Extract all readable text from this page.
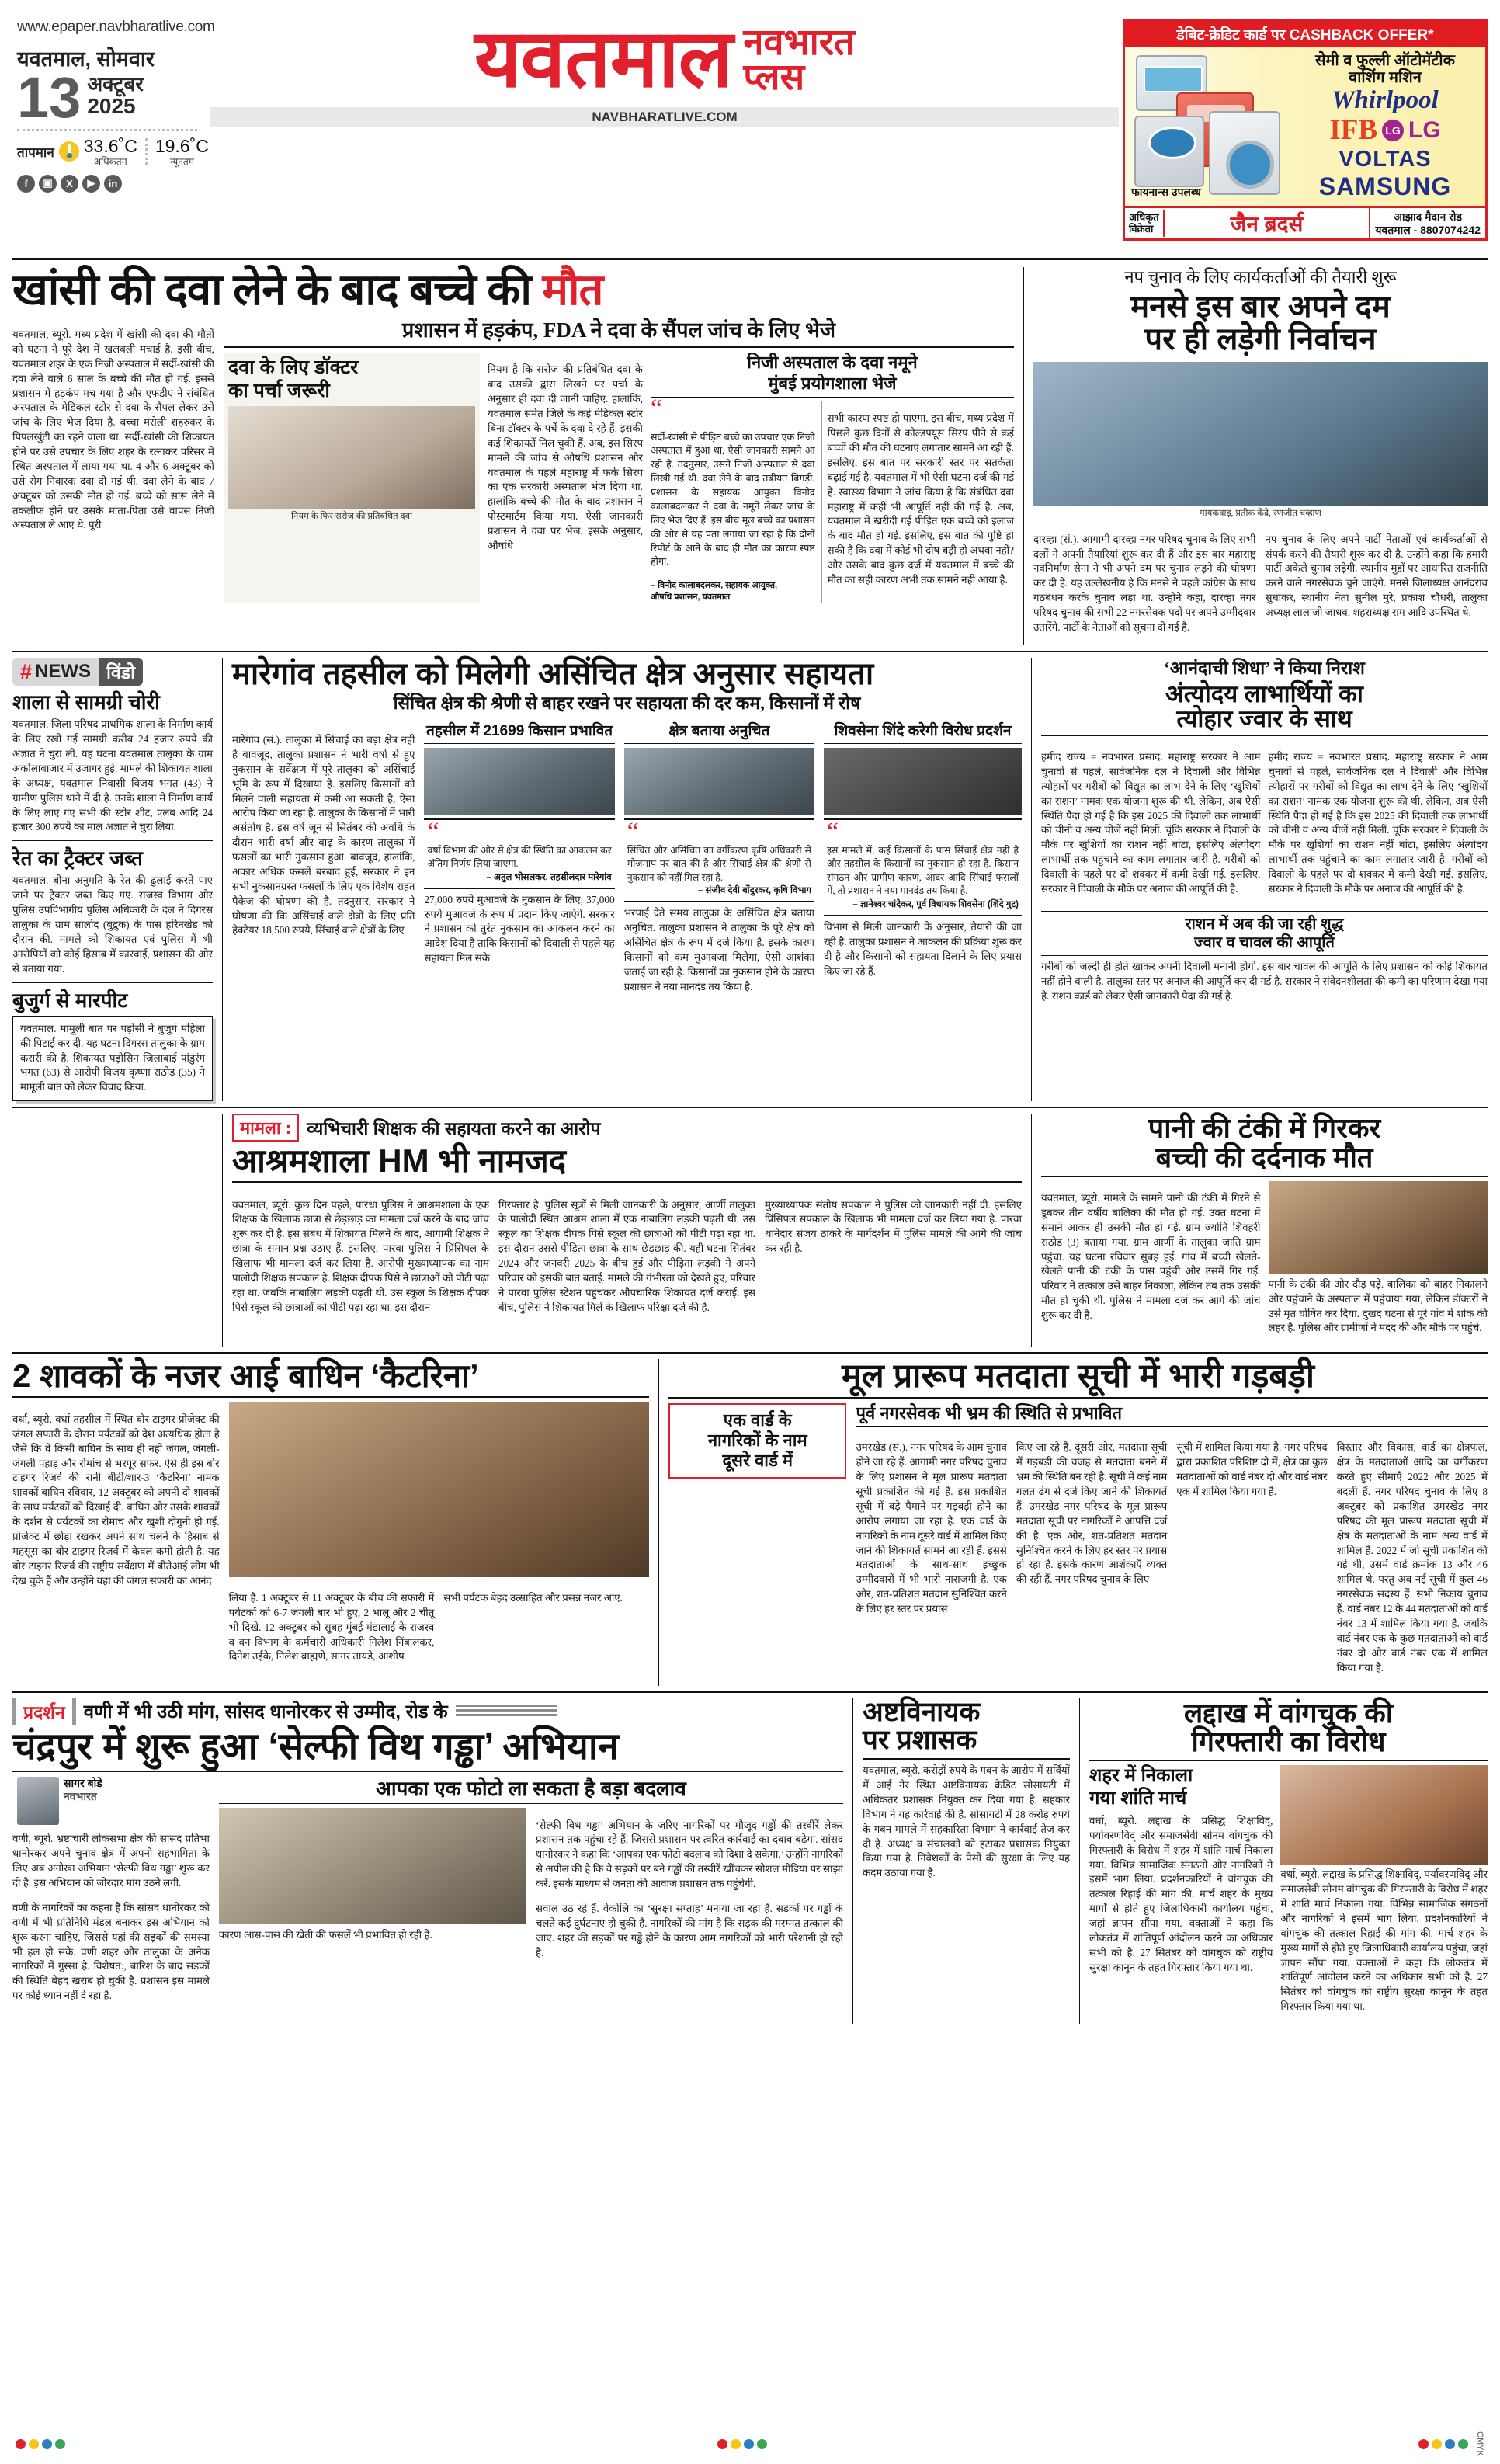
www.epaper.navbharatlive.com
यवतमाल, सोमवार
13 अक्टूबर
2025
तापमान 33.6˚C
अधिकतम
19.6˚C
न्यूनतम
f	▣	X	▶	in
यवतमाल नवभारत
प्लस
NAVBHARATLIVE.COM
डेबिट-क्रेडिट कार्ड पर CASHBACK OFFER*
फायनान्स उपलब्ध
सेमी व फुल्ली ऑटोमॅटीक
वाशिंग मशिन
Whirlpool
IFB LG LG
VOLTAS
SAMSUNG
अधिकृत
विक्रेता	जैन ब्रदर्स	आझाद मैदान रोड
यवतमाल - 8807074242
खांसी की दवा लेने के बाद बच्चे की मौत

यवतमाल, ब्यूरो. मध्य प्रदेश में खांसी की दवा की मौतों को घटना ने पूरे देश में खलबली मचाई है. इसी बीच, यवतमाल शहर के एक निजी अस्पताल में सर्दी-खांसी की दवा लेने वाले 6 साल के बच्चे की मौत हो गई. इससे प्रशासन में हड़कंप मच गया है और एफडीए ने संबंधित अस्पताल के मेडिकल स्टोर से दवा के सैंपल लेकर उसे जांच के लिए भेज दिया है. बच्चा मरोली शहरुकर के पिपलखुंटी का रहने वाला था. सर्दी-खांसी की शिकायत होने पर उसे उपचार के लिए शहर के रत्नाकर परिसर में स्थित अस्पताल में लाया गया था. 4 और 6 अक्टूबर को उसे रोग निवारक दवा दी गई थी. दवा लेने के बाद 7 अक्टूबर को उसकी मौत हो गई. बच्चे को सांस लेने में तकलीफ होने पर उसके माता-पिता उसे वापस निजी अस्पताल ले आए थे. पूरी

प्रशासन में हड़कंप, FDA ने दवा के सैंपल जांच के लिए भेजे
दवा के लिए डॉक्टर
का पर्चा जरूरी
नियम के फिर सरोज की प्रतिबंधित दवा

नियम है कि सरोज की प्रतिबंधित दवा के बाद उसकी द्वारा लिखने पर पर्चा के अनुसार ही दवा दी जानी चाहिए. हालांकि, यवतमाल समेत जिले के कई मेडिकल स्टोर बिना डॉक्टर के पर्चे के दवा दे रहे हैं. इसकी कई शिकायतें मिल चुकी हैं. अब, इस सिरप मामले की जांच से औषधि प्रशासन और यवतमाल के पहले महाराष्ट्र में फर्क सिरप का एक सरकारी अस्पताल भंज दिया था. हालांकि बच्चे की मौत के बाद प्रशासन ने पोस्टमार्टम किया गया. ऐसी जानकारी प्रशासन ने दवा पर भेज. इसके अनुसार, औषधि

निजी अस्पताल के दवा नमूने
मुंबई प्रयोगशाला भेजे
“

सर्दी-खांसी से पीड़ित बच्चे का उपचार एक निजी अस्पताल में हुआ था, ऐसी जानकारी सामने आ रही है. तदनुसार, उसने निजी अस्पताल से दवा लिखी गई थी. दवा लेने के बाद तबीयत बिगड़ी. प्रशासन के सहायक आयुक्त विनोद कालाबदलकर ने दवा के नमूने लेकर जांच के लिए भेज दिए हैं. इस बीच मूल बच्चे का प्रशासन की ओर से यह पता लगाया जा रहा है कि दोनों रिपोर्ट के आने के बाद ही मौत का कारण स्पष्ट होगा.

– विनोद कालाबदलकर, सहायक आयुक्त,
औषधि प्रशासन, यवतमाल

सभी कारण स्पष्ट हो पाएगा. इस बीच, मध्य प्रदेश में पिछले कुछ दिनों से कोल्डफ्यूस सिरप पीने से कई बच्चों की मौत की घटनाएं लगातार सामने आ रही हैं. इसलिए, इस बात पर सरकारी स्तर पर सतर्कता बढ़ाई गई है. यवतमाल में भी ऐसी घटना दर्ज की गई है. स्वास्थ्य विभाग ने जांच किया है कि संबंधित दवा महाराष्ट्र में कहीं भी आपूर्ति नहीं की गई है. अब, यवतमाल में खरीदी गई पीड़ित एक बच्चे को इलाज के बाद मौत हो गई. इसलिए, इस बात की पुष्टि हो सकी है कि दवा में कोई भी दोष बड़ी हो अथवा नहीं? और उसके बाद कुछ दर्ज में यवतमाल में बच्चे की मौत का सही कारण अभी तक सामने नहीं आया है.

नप चुनाव के लिए कार्यकर्ताओं की तैयारी शुरू
मनसे इस बार अपने दम
पर ही लड़ेगी निर्वाचन
गायकवाड़, प्रतीक केंद्रे, रणजीत चव्हाण

दारव्हा (सं.). आगामी दारव्हा नगर परिषद चुनाव के लिए सभी दलों ने अपनी तैयारियां शुरू कर दी हैं और इस बार महाराष्ट्र नवनिर्माण सेना ने भी अपने दम पर चुनाव लड़ने की घोषणा कर दी है. यह उल्लेखनीय है कि मनसे ने पहले कांग्रेस के साथ गठबंधन करके चुनाव लड़ा था. उन्होंने कहा, दारव्हा नगर परिषद चुनाव की सभी 22 नगरसेवक पदों पर अपने उम्मीदवार उतारेंगे. पार्टी के नेताओं को सूचना दी गई है.

नप चुनाव के लिए अपने पार्टी नेताओं एवं कार्यकर्ताओं से संपर्क करने की तैयारी शुरू कर दी है. उन्होंने कहा कि हमारी पार्टी अकेले चुनाव लड़ेगी. स्थानीय मुद्दों पर आधारित राजनीति करने वाले नगरसेवक चुने जाएंगे. मनसे जिलाध्यक्ष आनंदराव सुधाकर, स्थानीय नेता सुनील मुरे, प्रकाश चौधरी, तालुका अध्यक्ष लालाजी जाधव, शहराध्यक्ष राम आदि उपस्थित थे.

# NEWS विंडो
शाला से सामग्री चोरी

यवतमाल. जिला परिषद प्राथमिक शाला के निर्माण कार्य के लिए रखी गई सामग्री करीब 24 हजार रुपये की अज्ञात ने चुरा ली. यह घटना यवतमाल तालुका के ग्राम अकोलाबाजार में उजागर हुई. मामले की शिकायत शाला के अध्यक्ष, यवतमाल निवासी विजय भगत (43) ने ग्रामीण पुलिस थाने में दी है. उनके शाला में निर्माण कार्य के लिए लाए गए सभी की स्टोर शीट, एलंब आदि 24 हजार 300 रुपये का माल अज्ञात ने चुरा लिया.

रेत का ट्रैक्टर जब्त

यवतमाल. बीना अनुमति के रेत की ढुलाई करते पाए जाने पर ट्रैक्टर जब्त किए गए. राजस्व विभाग और पुलिस उपविभागीय पुलिस अधिकारी के दल ने दिगरस तालुका के ग्राम सालोद (बुद्रुक) के पास हरिनखेड को दौरान की. मामले को शिकायत एवं पुलिस में भी आरोपियों को कोई हिसाब में कारवाई, प्रशासन की ओर से बताया गया.

बुजुर्ग से मारपीट

यवतमाल. मामूली बात पर पड़ोसी ने बुजुर्ग महिला की पिटाई कर दी. यह घटना दिगरस तालुका के ग्राम करारी की है. शिकायत पड़ोसिन जिलाबाई पांडुरंग भगत (63) से आरोपी विजय कृष्णा राठोड (35) ने मामूली बात को लेकर विवाद किया.

मारेगांव तहसील को मिलेगी असिंचित क्षेत्र अनुसार सहायता
सिंचित क्षेत्र की श्रेणी से बाहर रखने पर सहायता की दर कम, किसानों में रोष

मारेगांव (सं.). तालुका में सिंचाई का बड़ा क्षेत्र नहीं है बावजूद, तालुका प्रशासन ने भारी वर्षा से हुए नुकसान के सर्वेक्षण में पूरे तालुका को असिंचाई भूमि के रूप में दिखाया है. इसलिए किसानों को मिलने वाली सहायता में कमी आ सकती है, ऐसा आरोप किया जा रहा है. तालुका के किसानों में भारी असंतोष है. इस वर्ष जून से सितंबर की अवधि के दौरान भारी वर्षा और बाढ़ के कारण तालुका में फसलों का भारी नुकसान हुआ. बावजूद, हालांकि, अकार अधिक फसलें बरबाद हुईं, सरकार ने इन सभी नुकसानग्रस्त फसलों के लिए एक विशेष राहत पैकेज की घोषणा की है. तदनुसार, सरकार ने घोषणा की कि असिंचाई वाले क्षेत्रों के लिए प्रति हेक्टेयर 18,500 रुपये, सिंचाई वाले क्षेत्रों के लिए

तहसील में 21699 किसान प्रभावित
“

वर्षा विभाग की ओर से क्षेत्र की स्थिति का आकलन कर अंतिम निर्णय लिया जाएगा.

– अतुल भोसलकर, तहसीलदार मारेगांव

27,000 रुपये मुआवजे के नुकसान के लिए, 37,000 रुपये मुआवजे के रूप में प्रदान किए जाएंगे. सरकार ने प्रशासन को तुरंत नुकसान का आकलन करने का आदेश दिया है ताकि किसानों को दिवाली से पहले यह सहायता मिल सके.

क्षेत्र बताया अनुचित
“

सिंचित और असिंचित का वर्गीकरण कृषि अधिकारी से मोजमाप पर बात की है और सिंचाई क्षेत्र की श्रेणी से नुकसान को नहीं मिल रहा है.

– संजीव देवी बोंदुरकर, कृषि विभाग

भरपाई देते समय तालुका के असिंचित क्षेत्र बताया अनुचित. तालुका प्रशासन ने तालुका के पूरे क्षेत्र को असिंचित क्षेत्र के रूप में दर्ज किया है. इसके कारण किसानों को कम मुआवजा मिलेगा, ऐसी आशंका जताई जा रही है. किसानों का नुकसान होने के कारण प्रशासन ने नया मानदंड तय किया है.

शिवसेना शिंदे करेगी विरोध प्रदर्शन
“

इस मामले में, कई किसानों के पास सिंचाई क्षेत्र नहीं है और तहसील के किसानों का नुकसान हो रहा है. किसान संगठन और ग्रामीण कारण, आदर आदि सिंचाई फसलों में, तो प्रशासन ने नया मानदंड तय किया है.

– ज्ञानेश्वर चांदेकर, पूर्व विधायक शिवसेना (शिंदे गुट)

विभाग से मिली जानकारी के अनुसार, तैयारी की जा रही है. तालुका प्रशासन ने आकलन की प्रक्रिया शुरू कर दी है और किसानों को सहायता दिलाने के लिए प्रयास किए जा रहे हैं.

‘आनंदाची शिधा’ ने किया निराश
अंत्योदय लाभार्थियों का
त्योहार ज्वार के साथ

हमीद राज्य = नवभारत प्रसाद. महाराष्ट्र सरकार ने आम चुनावों से पहले, सार्वजनिक दल ने दिवाली और विभिन्न त्योहारों पर गरीबों को विद्युत का लाभ देने के लिए ‘खुशियों का राशन’ नामक एक योजना शुरू की थी. लेकिन, अब ऐसी स्थिति पैदा हो गई है कि इस 2025 की दिवाली तक लाभार्थी को चीनी व अन्य चीजें नहीं मिलीं. चूंकि सरकार ने दिवाली के मौके पर खुशियों का राशन नहीं बांटा, इसलिए अंत्योदय लाभार्थी तक पहुंचाने का काम लगातार जारी है. गरीबों को दिवाली के पहले पर दो शक्कर में कमी देखी गई. इसलिए, सरकार ने दिवाली के मौके पर अनाज की आपूर्ति की है.

हमीद राज्य = नवभारत प्रसाद. महाराष्ट्र सरकार ने आम चुनावों से पहले, सार्वजनिक दल ने दिवाली और विभिन्न त्योहारों पर गरीबों को विद्युत का लाभ देने के लिए ‘खुशियों का राशन’ नामक एक योजना शुरू की थी. लेकिन, अब ऐसी स्थिति पैदा हो गई है कि इस 2025 की दिवाली तक लाभार्थी को चीनी व अन्य चीजें नहीं मिलीं. चूंकि सरकार ने दिवाली के मौके पर खुशियों का राशन नहीं बांटा, इसलिए अंत्योदय लाभार्थी तक पहुंचाने का काम लगातार जारी है. गरीबों को दिवाली के पहले पर दो शक्कर में कमी देखी गई. इसलिए, सरकार ने दिवाली के मौके पर अनाज की आपूर्ति की है.

राशन में अब की जा रही शुद्ध
ज्वार व चावल की आपूर्ति

गरीबों को जल्दी ही होते खाकर अपनी दिवाली मनानी होगी. इस बार चावल की आपूर्ति के लिए प्रशासन को कोई शिकायत नहीं होने वाली है. तालुका स्तर पर अनाज की आपूर्ति कर दी गई है. सरकार ने संवेदनशीलता की कमी का परिणाम देखा गया है. राशन कार्ड को लेकर ऐसी जानकारी पैदा की गई है.

मामला : व्यभिचारी शिक्षक की सहायता करने का आरोप
आश्रमशाला HM भी नामजद

यवतमाल, ब्यूरो. कुछ दिन पहले, पारधा पुलिस ने आश्रमशाला के एक शिक्षक के खिलाफ छात्रा से छेड़छाड़ का मामला दर्ज करने के बाद जांच शुरू कर दी है. इस संबंध में शिकायत मिलने के बाद, आगामी शिक्षक ने छात्रा के समान प्रश्न उठाए हैं. इसलिए, पारवा पुलिस ने प्रिंसिपल के खिलाफ भी मामला दर्ज कर लिया है. आरोपी मुख्याध्यापक का नाम पालोदी शिक्षक सपकाल है. शिक्षक दीपक पिसे ने छात्राओं को पीटी पढ़ा रहा था. जबकि नाबालिग लड़की पढ़ती थी. उस स्कूल के शिक्षक दीपक पिसे स्कूल की छात्राओं को पीटी पढ़ा रहा था. इस दौरान

गिरफ्तार है. पुलिस सूत्रों से मिली जानकारी के अनुसार, आर्णी तालुका के पालोदी स्थित आश्रम शाला में एक नाबालिग लड़की पढ़ती थी. उस स्कूल का शिक्षक दीपक पिसे स्कूल की छात्राओं को पीटी पढ़ा रहा था. इस दौरान उससे पीड़िता छात्रा के साथ छेड़छाड़ की. यही घटना सितंबर 2024 और जनवरी 2025 के बीच हुई और पीड़िता लड़की ने अपने परिवार को इसकी बात बताई. मामले की गंभीरता को देखते हुए, परिवार ने पारवा पुलिस स्टेशन पहुंचकर औपचारिक शिकायत दर्ज कराई. इस बीच, पुलिस ने शिकायत मिले के खिलाफ परिक्षा दर्ज की है.

मुख्याध्यापक संतोष सपकाल ने पुलिस को जानकारी नहीं दी. इसलिए प्रिंसिपल सपकाल के खिलाफ भी मामला दर्ज कर लिया गया है. पारवा थानेदार संजय ठाकरे के मार्गदर्शन में पुलिस मामले की आगे की जांच कर रही है.

पानी की टंकी में गिरकर
बच्ची की दर्दनाक मौत

यवतमाल, ब्यूरो. मामले के सामने पानी की टंकी में गिरने से डूबकर तीन वर्षीय बालिका की मौत हो गई. उक्त घटना में समाने आकर ही उसकी मौत हो गई. ग्राम ज्योति शिवहरी राठोड (3) बताया गया. ग्राम आर्णी के तालुका जाति ग्राम पहुंचा. यह घटना रविवार सुबह हुई. गांव में बच्ची खेलते-खेलते पानी की टंकी के पास पहुंची और उसमें गिर गई. परिवार ने तत्काल उसे बाहर निकाला, लेकिन तब तक उसकी मौत हो चुकी थी. पुलिस ने मामला दर्ज कर आगे की जांच शुरू कर दी है.

पानी के टंकी की ओर दौड़ पड़े. बालिका को बाहर निकालने और पहुंचाने के अस्पताल में पहुंचाया गया, लेकिन डॉक्टरों ने उसे मृत घोषित कर दिया. दुखद घटना से पूरे गांव में शोक की लहर है. पुलिस और ग्रामीणों ने मदद की और मौके पर पहुंचे.

2 शावकों के नजर आई बाधिन ‘कैटरिना’

वर्धा, ब्यूरो. वर्धा तहसील में स्थित बोर टाइगर प्रोजेक्ट की जंगल सफारी के दौरान पर्यटकों को देश अत्यधिक होता है जैसे कि वे किसी बाघिन के साथ ही नहीं जंगल, जंगली-जंगली पहाड़ और रोमांच से भरपूर सफर. ऐसे ही इस बोर टाइगर रिजर्व की रानी बीटी/शार-3 ‘कैटरिना’ नामक शावकों बाघिन रविवार, 12 अक्टूबर को अपनी दो शावकों के साथ पर्यटकों को दिखाई दी. बाघिन और उसके शावकों के दर्शन से पर्यटकों का रोमांच और खुशी दोगुनी हो गई. प्रोजेक्ट में छोड़ा रखकर अपने साथ चलने के हिसाब से महसूस का बोर टाइगर रिजर्व में केवल कमी होती है. यह बोर टाइगर रिजर्व की राष्ट्रीय सर्वेक्षण में बीतेआई लोग भी देख चुके हैं और उन्होंने यहां की जंगल सफारी का आनंद

लिया है. 1 अक्टूबर से 11 अक्टूबर के बीच की सफारी में पर्यटकों को 6-7 जंगली बार भी हुए, 2 भालू और 2 चीतू भी दिखे. 12 अक्टूबर को सुबह मुंबई मंडालाई के राजस्व व वन विभाग के कर्मचारी अधिकारी निलेश निंबालकर, दिनेश उईके, निलेश ब्राह्मणे, सागर तायडे, आशीष

सभी पर्यटक बेहद उत्साहित और प्रसन्न नजर आए.

मूल प्रारूप मतदाता सूची में भारी गड़बड़ी
एक वार्ड के
नागरिकों के नाम
दूसरे वार्ड में
पूर्व नगरसेवक भी भ्रम की स्थिति से प्रभावित

उमरखेड (सं.). नगर परिषद के आम चुनाव होने जा रहे हैं. आगामी नगर परिषद चुनाव के लिए प्रशासन ने मूल प्रारूप मतदाता सूची प्रकाशित की गई है. इस प्रकाशित सूची में बड़े पैमाने पर गड़बड़ी होने का आरोप लगाया जा रहा है. एक वार्ड के नागरिकों के नाम दूसरे वार्ड में शामिल किए जाने की शिकायतें सामने आ रही हैं. इससे मतदाताओं के साथ-साथ इच्छुक उम्मीदवारों में भी भारी नाराजगी है. एक ओर, शत-प्रतिशत मतदान सुनिश्चित करने के लिए हर स्तर पर प्रयास

किए जा रहे हैं. दूसरी ओर, मतदाता सूची में गड़बड़ी की वजह से मतदाता बनने में भ्रम की स्थिति बन रही है. सूची में कई नाम गलत ढंग से दर्ज किए जाने की शिकायतें हैं. उमरखेड नगर परिषद के मूल प्रारूप मतदाता सूची पर नागरिकों ने आपत्ति दर्ज की है. एक ओर, शत-प्रतिशत मतदान सुनिश्चित करने के लिए हर स्तर पर प्रयास हो रहा है. इसके कारण आशंकाएँ व्यक्त की रही हैं. नगर परिषद चुनाव के लिए

सूची में शामिल किया गया है. नगर परिषद द्वारा प्रकाशित परिशिष्ट दो में, क्षेत्र का कुछ मतदाताओं को वार्ड नंबर दो और वार्ड नंबर एक में शामिल किया गया है.

विस्तार और विकास, वार्ड का क्षेत्रफल, क्षेत्र के मतदाताओं आदि का वर्गीकरण करते हुए सीमाएँ 2022 और 2025 में बदली हैं. नगर परिषद चुनाव के लिए 8 अक्टूबर को प्रकाशित उमरखेड नगर परिषद की मूल प्रारूप मतदाता सूची में क्षेत्र के मतदाताओं के नाम अन्य वार्ड में शामिल हैं. 2022 में जो सूची प्रकाशित की गई थी, उसमें वार्ड क्रमांक 13 और 46 शामिल थे. परंतु अब नई सूची में कुल 46 नगरसेवक सदस्य हैं. सभी निकाय चुनाव हैं. वार्ड नंबर 12 के 44 मतदाताओं को वार्ड नंबर 13 में शामिल किया गया है. जबकि वार्ड नंबर एक के कुछ मतदाताओं को वार्ड नंबर दो और वार्ड नंबर एक में शामिल किया गया है.

प्रदर्शन	वणी में भी उठी मांग, सांसद धानोरकर से उम्मीद, रोड के
चंद्रपुर में शुरू हुआ ‘सेल्फी विथ गड्ढा’ अभियान
सागर बोडे
नवभारत

वणी, ब्यूरो. भ्रष्टाचारी लोकसभा क्षेत्र की सांसद प्रतिभा धानोरकर अपने चुनाव क्षेत्र में अपनी सहभागिता के लिए अब अनोखा अभियान ‘सेल्फी विथ गड्ढा’ शुरू कर दी है. इस अभियान को जोरदार मांग उठने लगी.

वणी के नागरिकों का कहना है कि सांसद धानोरकर को वणी में भी प्रतिनिधि मंडल बनाकर इस अभियान को शुरू करना चाहिए, जिससे यहां की सड़कों की समस्या भी हल हो सके. वणी शहर और तालुका के अनेक नागरिकों में गुस्सा है. विशेषत:, बारिश के बाद सड़कों की स्थिति बेहद खराब हो चुकी है. प्रशासन इस मामले पर कोई ध्यान नहीं दे रहा है.

आपका एक फोटो ला सकता है बड़ा बदलाव

कारण आस-पास की खेती की फसलें भी प्रभावित हो रही हैं.

‘सेल्फी विथ गड्ढा’ अभियान के जरिए नागरिकों पर मौजूद गड्ढों की तस्वीरें लेकर प्रशासन तक पहुंचा रहे हैं, जिससे प्रशासन पर त्वरित कार्रवाई का दबाव बढ़ेगा. सांसद धानोरकर ने कहा कि ‘आपका एक फोटो बदलाव को दिशा दे सकेगा.’ उन्होंने नागरिकों से अपील की है कि वे सड़कों पर बने गड्ढों की तस्वीरें खींचकर सोशल मीडिया पर साझा करें. इसके माध्यम से जनता की आवाज प्रशासन तक पहुंचेगी.

सवाल उठ रहे हैं. वेकोलि का ‘सुरक्षा सप्ताह’ मनाया जा रहा है. सड़कों पर गड्ढों के चलते कई दुर्घटनाएं हो चुकी हैं. नागरिकों की मांग है कि सड़क की मरम्मत तत्काल की जाए. शहर की सड़कों पर गड्ढे होने के कारण आम नागरिकों को भारी परेशानी हो रही है.

अष्टविनायक
पर प्रशासक

यवतमाल, ब्यूरो. करोड़ों रुपये के गबन के आरोप में सर्वियों में आई नेर स्थित अष्टविनायक क्रेडिट सोसायटी में अधिकतर प्रशासक नियुक्त कर दिया गया है. सहकार विभाग ने यह कार्रवाई की है. सोसायटी में 28 करोड़ रुपये के गबन मामले में सहकारिता विभाग ने कार्रवाई तेज कर दी है. अध्यक्ष व संचालकों को हटाकर प्रशासक नियुक्त किया गया है. निवेशकों के पैसों की सुरक्षा के लिए यह कदम उठाया गया है.

लद्दाख में वांगचुक की
गिरफ्तारी का विरोध
शहर में निकाला
गया शांति मार्च

वर्धा, ब्यूरो. लद्दाख के प्रसिद्ध शिक्षाविद्, पर्यावरणविद् और समाजसेवी सोनम वांगचुक की गिरफ्तारी के विरोध में शहर में शांति मार्च निकाला गया. विभिन्न सामाजिक संगठनों और नागरिकों ने इसमें भाग लिया. प्रदर्शनकारियों ने वांगचुक की तत्काल रिहाई की मांग की. मार्च शहर के मुख्य मार्गों से होते हुए जिलाधिकारी कार्यालय पहुंचा, जहां ज्ञापन सौंपा गया. वक्ताओं ने कहा कि लोकतंत्र में शांतिपूर्ण आंदोलन करने का अधिकार सभी को है. 27 सितंबर को वांगचुक को राष्ट्रीय सुरक्षा कानून के तहत गिरफ्तार किया गया था.

वर्धा, ब्यूरो. लद्दाख के प्रसिद्ध शिक्षाविद्, पर्यावरणविद् और समाजसेवी सोनम वांगचुक की गिरफ्तारी के विरोध में शहर में शांति मार्च निकाला गया. विभिन्न सामाजिक संगठनों और नागरिकों ने इसमें भाग लिया. प्रदर्शनकारियों ने वांगचुक की तत्काल रिहाई की मांग की. मार्च शहर के मुख्य मार्गों से होते हुए जिलाधिकारी कार्यालय पहुंचा, जहां ज्ञापन सौंपा गया. वक्ताओं ने कहा कि लोकतंत्र में शांतिपूर्ण आंदोलन करने का अधिकार सभी को है. 27 सितंबर को वांगचुक को राष्ट्रीय सुरक्षा कानून के तहत गिरफ्तार किया गया था.

CMYK
